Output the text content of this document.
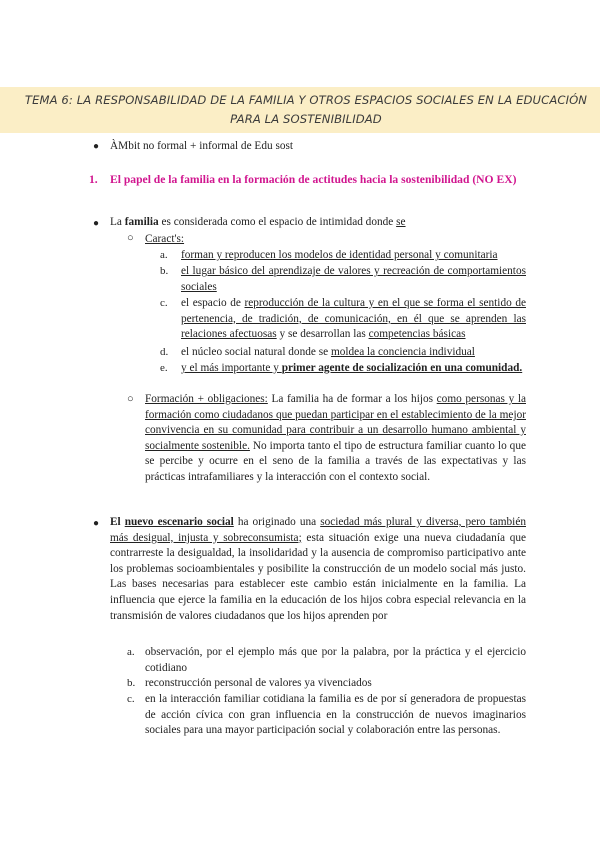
TEMA 6: LA RESPONSABILIDAD DE LA FAMILIA Y OTROS ESPACIOS SOCIALES EN LA EDUCACIÓN PARA LA SOSTENIBILIDAD
● ÀMbit no formal + informal de Edu sost
1. El papel de la familia en la formación de actitudes hacia la sostenibilidad (NO EX)
● La familia es considerada como el espacio de intimidad donde se
○ Caract's:
a. forman y reproducen los modelos de identidad personal y comunitaria
b. el lugar básico del aprendizaje de valores y recreación de comportamientos sociales
c. el espacio de reproducción de la cultura y en el que se forma el sentido de pertenencia, de tradición, de comunicación, en él que se aprenden las relaciones afectuosas y se desarrollan las competencias básicas
d. el núcleo social natural donde se moldea la conciencia individual
e. y el más importante y primer agente de socialización en una comunidad.
○ Formación + obligaciones: La familia ha de formar a los hijos como personas y la formación como ciudadanos que puedan participar en el establecimiento de la mejor convivencia en su comunidad para contribuir a un desarrollo humano ambiental y socialmente sostenible. No importa tanto el tipo de estructura familiar cuanto lo que se percibe y ocurre en el seno de la familia a través de las expectativas y las prácticas intrafamiliares y la interacción con el contexto social.
● El nuevo escenario social ha originado una sociedad más plural y diversa, pero también más desigual, injusta y sobreconsumista; esta situación exige una nueva ciudadanía que contrarreste la desigualdad, la insolidaridad y la ausencia de compromiso participativo ante los problemas socioambientales y posibilite la construcción de un modelo social más justo. Las bases necesarias para establecer este cambio están inicialmente en la familia. La influencia que ejerce la familia en la educación de los hijos cobra especial relevancia en la transmisión de valores ciudadanos que los hijos aprenden por
a. observación, por el ejemplo más que por la palabra, por la práctica y el ejercicio cotidiano
b. reconstrucción personal de valores ya vivenciados
c. en la interacción familiar cotidiana la familia es de por sí generadora de propuestas de acción cívica con gran influencia en la construcción de nuevos imaginarios sociales para una mayor participación social y colaboración entre las personas.
